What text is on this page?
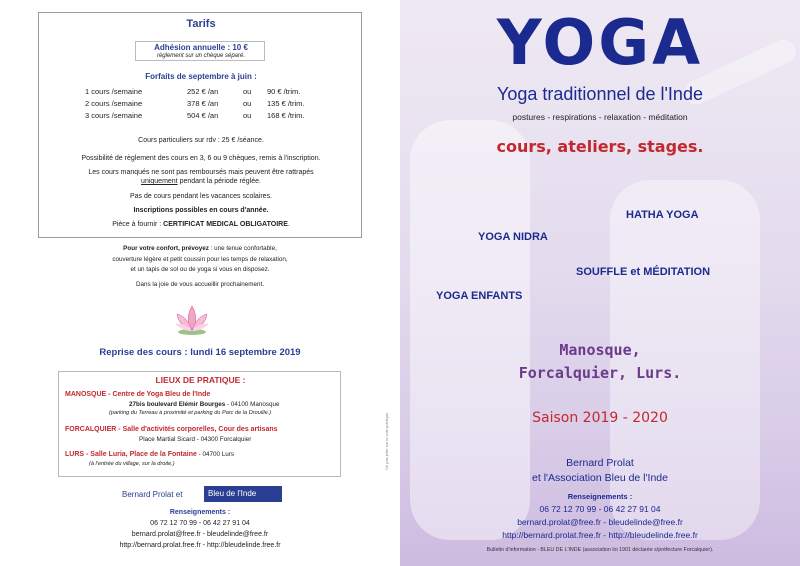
Tarifs
Adhésion annuelle : 10 €
règlement sur un chèque séparé.
Forfaits de septembre à juin :
1 cours /semaine	252 € /an	ou 90 € /trim.
2 cours /semaine	378 € /an	ou 135 € /trim.
3 cours /semaine	504 € /an	ou 168 € /trim.
Cours particuliers sur rdv : 25 € /séance.
Possibilité de règlement des cours en 3, 6 ou 9 chèques, remis à l'inscription.
Les cours manqués ne sont pas remboursés mais peuvent être rattrapés
uniquement pendant la période réglée.
Pas de cours pendant les vacances scolaires.
Inscriptions possibles en cours d'année.
Pièce à fournir : CERTIFICAT MEDICAL OBLIGATOIRE.
Pour votre confort, prévoyez : une tenue confortable,
couverture légère et petit coussin pour les temps de relaxation,
et un tapis de sol ou de yoga si vous en disposez.
Dans la joie de vous accueillir prochainement.
Reprise des cours : lundi 16 septembre 2019
LIEUX DE PRATIQUE :
MANOSQUE - Centre de Yoga Bleu de l'Inde
27bis boulevard Elémir Bourges - 04100 Manosque
(parking du Terreau à proximité et parking du Parc de la Drouille.)
FORCALQUIER - Salle d'activités corporelles, Cour des artisans
Place Martial Sicard - 04300 Forcalquier
LURS - Salle Luria, Place de la Fontaine - 04700 Lurs
(à l'entrée du village, sur la droite.)
Bernard Prolat et	Bleu de l'Inde
Renseignements :
06 72 12 70 99 - 06 42 27 91 04
bernard.prolat@free.fr - bleudelinde@free.fr
http://bernard.prolat.free.fr - http://bleudelinde.free.fr
Ne pas jeter sur la voie publique.
YOGA
Yoga traditionnel de l'Inde
postures - respirations - relaxation - méditation
cours, ateliers, stages.
HATHA YOGA
YOGA NIDRA
SOUFFLE et MÉDITATION
YOGA ENFANTS
Manosque,
Forcalquier, Lurs.
Saison 2019 - 2020
Bernard Prolat
et l'Association Bleu de l'Inde
Renseignements :
06 72 12 70 99 - 06 42 27 91 04
bernard.prolat@free.fr - bleudelinde@free.fr
http://bernard.prolat.free.fr - http://bleudelinde.free.fr
Bulletin d'information - BLEU DE L'INDE (association loi 1901 déclarée s/préfecture Forcalquier).
